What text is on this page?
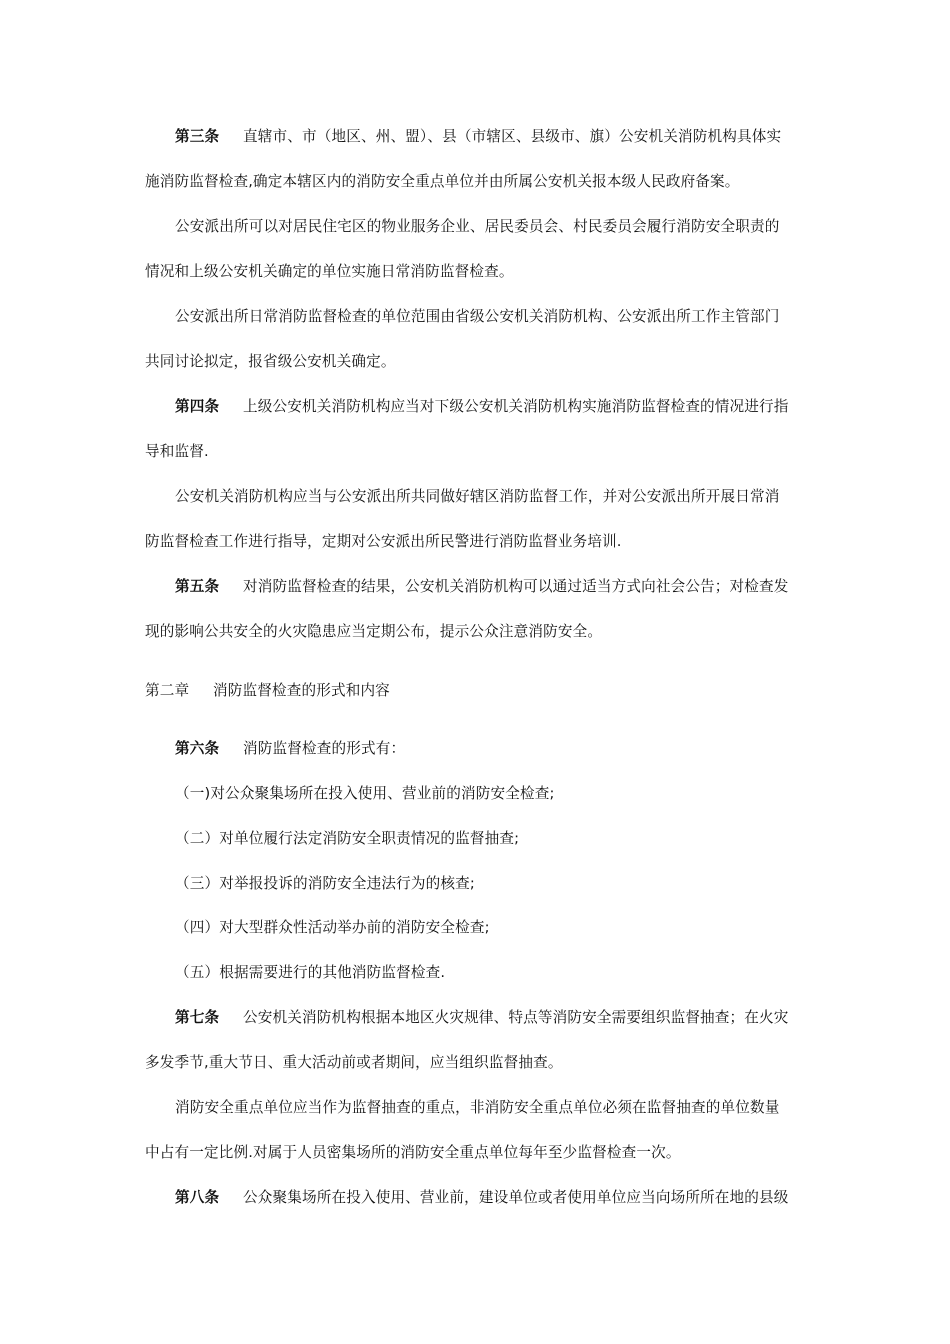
第三条 直辖市、市（地区、州、盟）、县（市辖区、县级市、旗）公安机关消防机构具体实
施消防监督检查,确定本辖区内的消防安全重点单位并由所属公安机关报本级人民政府备案。
公安派出所可以对居民住宅区的物业服务企业、居民委员会、村民委员会履行消防安全职责的
情况和上级公安机关确定的单位实施日常消防监督检查。
公安派出所日常消防监督检查的单位范围由省级公安机关消防机构、公安派出所工作主管部门
共同讨论拟定，报省级公安机关确定。
第四条 上级公安机关消防机构应当对下级公安机关消防机构实施消防监督检查的情况进行指
导和监督.
公安机关消防机构应当与公安派出所共同做好辖区消防监督工作，并对公安派出所开展日常消
防监督检查工作进行指导，定期对公安派出所民警进行消防监督业务培训.
第五条 对消防监督检查的结果，公安机关消防机构可以通过适当方式向社会公告；对检查发
现的影响公共安全的火灾隐患应当定期公布，提示公众注意消防安全。
第二章 消防监督检查的形式和内容
第六条 消防监督检查的形式有：
（一)对公众聚集场所在投入使用、营业前的消防安全检查;
（二）对单位履行法定消防安全职责情况的监督抽查;
（三）对举报投诉的消防安全违法行为的核查;
（四）对大型群众性活动举办前的消防安全检查;
（五）根据需要进行的其他消防监督检查.
第七条 公安机关消防机构根据本地区火灾规律、特点等消防安全需要组织监督抽查；在火灾
多发季节,重大节日、重大活动前或者期间，应当组织监督抽查。
消防安全重点单位应当作为监督抽查的重点，非消防安全重点单位必须在监督抽查的单位数量
中占有一定比例.对属于人员密集场所的消防安全重点单位每年至少监督检查一次。
第八条 公众聚集场所在投入使用、营业前，建设单位或者使用单位应当向场所所在地的县级
